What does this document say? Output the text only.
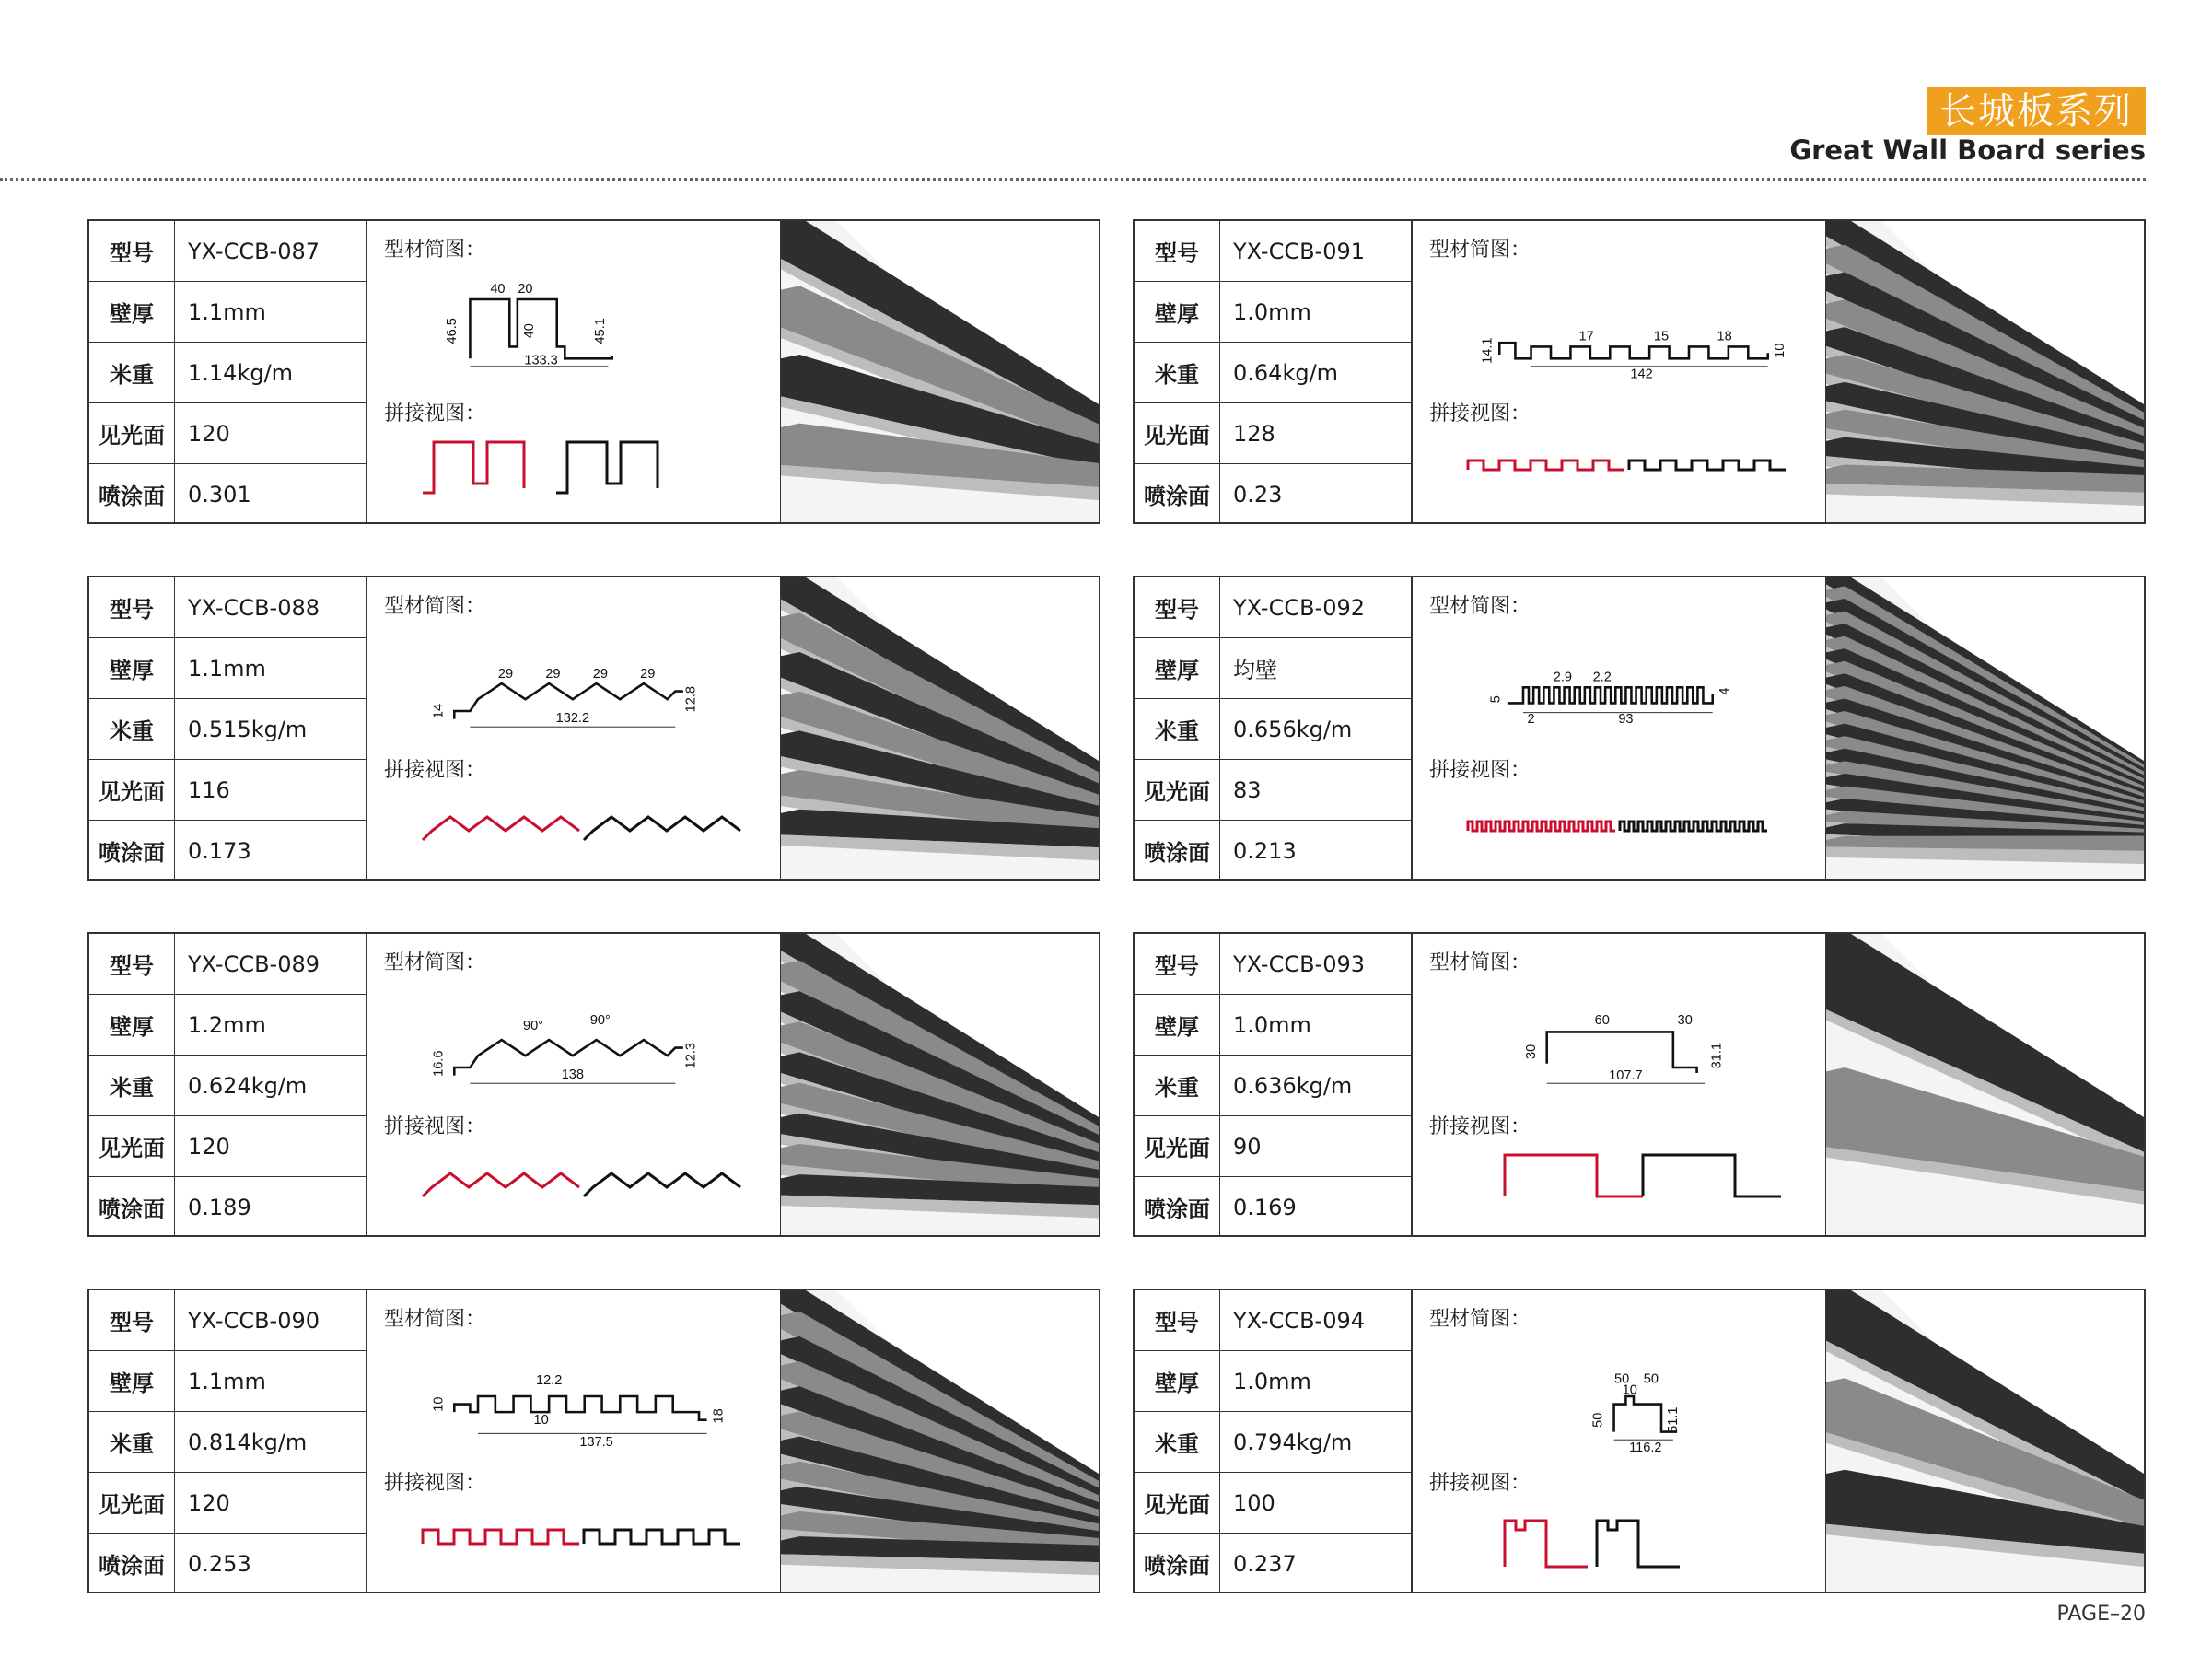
长城板系列
Great Wall Board series
型号	YX-CCB-087
壁厚	1.1mm
米重	1.14kg/m
见光面	120
喷涂面	0.301
型材简图：
拼接视图：
40 20
46.5	40	45.1
133.3
型号	YX-CCB-091
壁厚	1.0mm
米重	0.64kg/m
见光面	128
喷涂面	0.23
型材简图：
拼接视图：
17	15	18
14.1	10
142
型号	YX-CCB-088
壁厚	1.1mm
米重	0.515kg/m
见光面	116
喷涂面	0.173
型材简图：
拼接视图：
29 29 29 29
14	12.8
132.2
型号	YX-CCB-092
壁厚	均壁
米重	0.656kg/m
见光面	83
喷涂面	0.213
型材简图：
拼接视图：
2.9 2.2
5
4
2	93
型号	YX-CCB-089
壁厚	1.2mm
米重	0.624kg/m
见光面	120
喷涂面	0.189
型材简图：
拼接视图：
90°	90°
16.6	12.3
138
型号	YX-CCB-093
壁厚	1.0mm
米重	0.636kg/m
见光面	90
喷涂面	0.169
型材简图：
拼接视图：
60	30
30	31.1
107.7
型号	YX-CCB-090
壁厚	1.1mm
米重	0.814kg/m
见光面	120
喷涂面	0.253
型材简图：
拼接视图：
12.2
10
10
18
137.5
型号	YX-CCB-094
壁厚	1.0mm
米重	0.794kg/m
见光面	100
喷涂面	0.237
型材简图：
拼接视图：
50 50
10
50	51.1
116.2
PAGE–20
